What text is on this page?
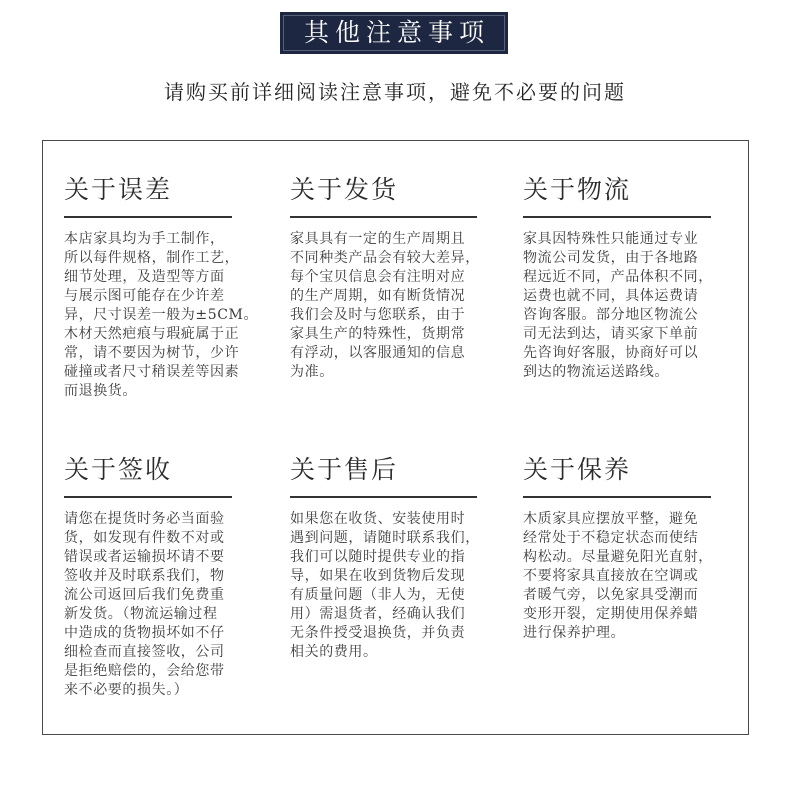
其他注意事项
请购买前详细阅读注意事项，避免不必要的问题
关于误差
本店家具均为手工制作，
所以每件规格，制作工艺，
细节处理，及造型等方面
与展示图可能存在少许差
异，尺寸误差一般为±5CM。
木材天然疤痕与瑕疵属于正
常，请不要因为树节，少许
碰撞或者尺寸稍误差等因素
而退换货。
关于发货
家具具有一定的生产周期且
不同种类产品会有较大差异，
每个宝贝信息会有注明对应
的生产周期，如有断货情况
我们会及时与您联系，由于
家具生产的特殊性，货期常
有浮动，以客服通知的信息
为准。
关于物流
家具因特殊性只能通过专业
物流公司发货，由于各地路
程远近不同，产品体积不同，
运费也就不同，具体运费请
咨询客服。部分地区物流公
司无法到达，请买家下单前
先咨询好客服，协商好可以
到达的物流运送路线。
关于签收
请您在提货时务必当面验
货，如发现有件数不对或
错误或者运输损坏请不要
签收并及时联系我们，物
流公司返回后我们免费重
新发货。（物流运输过程
中造成的货物损坏如不仔
细检查而直接签收，公司
是拒绝赔偿的，会给您带
来不必要的损失。）
关于售后
如果您在收货、安装使用时
遇到问题，请随时联系我们，
我们可以随时提供专业的指
导，如果在收到货物后发现
有质量问题（非人为，无使
用）需退货者，经确认我们
无条件授受退换货，并负责
相关的费用。
关于保养
木质家具应摆放平整，避免
经常处于不稳定状态而使结
构松动。尽量避免阳光直射，
不要将家具直接放在空调或
者暖气旁，以免家具受潮而
变形开裂，定期使用保养蜡
进行保养护理。
